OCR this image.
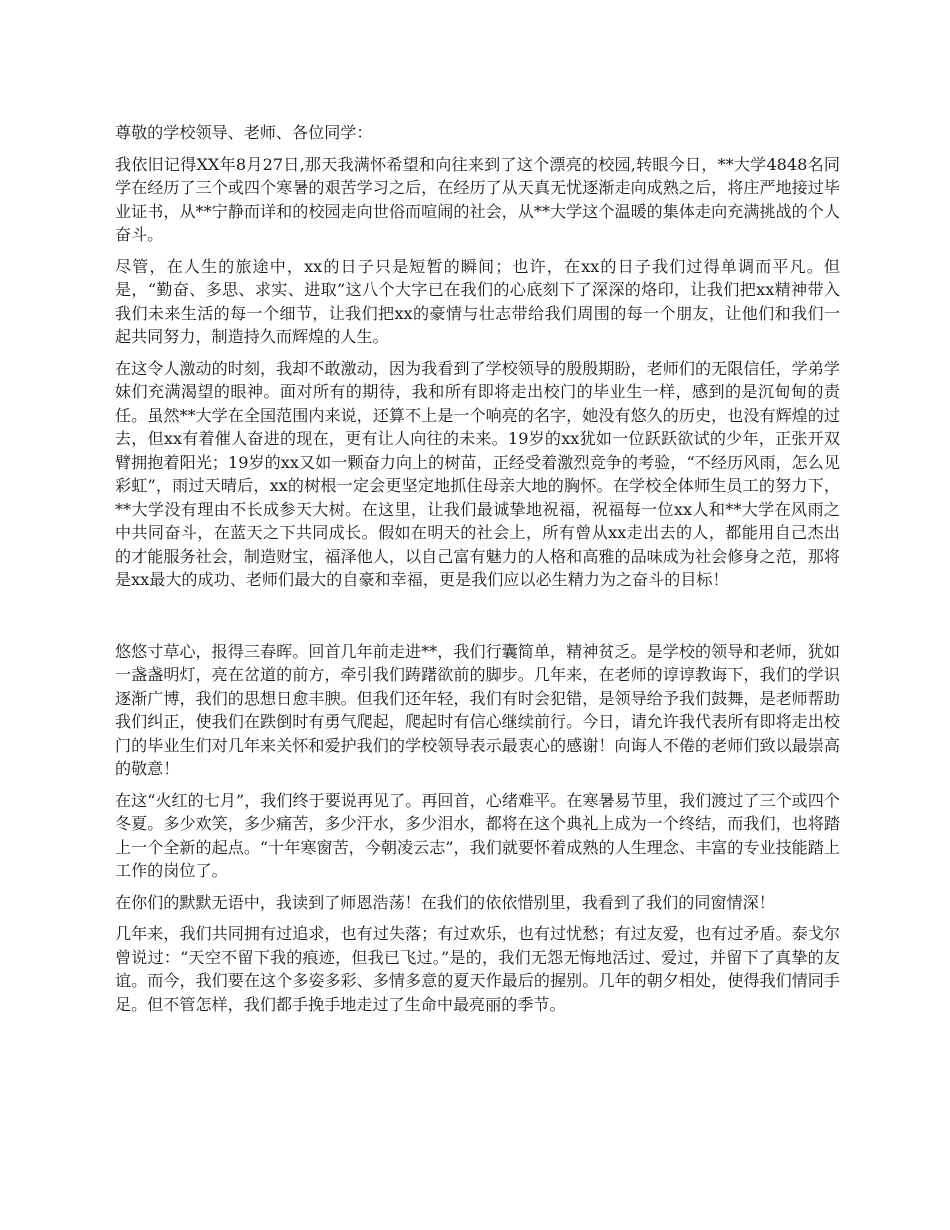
尊敬的学校领导、老师、各位同学：

我依旧记得XX年8月27日,那天我满怀希望和向往来到了这个漂亮的校园,转眼今日，**大学4848名同学在经历了三个或四个寒暑的艰苦学习之后，在经历了从天真无忧逐渐走向成熟之后，将庄严地接过毕业证书，从**宁静而详和的校园走向世俗而喧闹的社会，从**大学这个温暖的集体走向充满挑战的个人奋斗。

尽管，在人生的旅途中，xx的日子只是短暂的瞬间；也许，在xx的日子我们过得单调而平凡。但是，“勤奋、多思、求实、进取”这八个大字已在我们的心底刻下了深深的烙印，让我们把xx精神带入我们未来生活的每一个细节，让我们把xx的豪情与壮志带给我们周围的每一个朋友，让他们和我们一起共同努力，制造持久而辉煌的人生。

在这令人激动的时刻，我却不敢激动，因为我看到了学校领导的殷殷期盼，老师们的无限信任，学弟学妹们充满渴望的眼神。面对所有的期待，我和所有即将走出校门的毕业生一样，感到的是沉甸甸的责任。虽然**大学在全国范围内来说，还算不上是一个响亮的名字，她没有悠久的历史，也没有辉煌的过去，但xx有着催人奋进的现在，更有让人向往的未来。19岁的xx犹如一位跃跃欲试的少年，正张开双臂拥抱着阳光；19岁的xx又如一颗奋力向上的树苗，正经受着激烈竞争的考验，“不经历风雨，怎么见彩虹”，雨过天晴后，xx的树根一定会更坚定地抓住母亲大地的胸怀。在学校全体师生员工的努力下，**大学没有理由不长成参天大树。在这里，让我们最诚挚地祝福，祝福每一位xx人和**大学在风雨之中共同奋斗，在蓝天之下共同成长。假如在明天的社会上，所有曾从xx走出去的人，都能用自己杰出的才能服务社会，制造财宝，福泽他人，以自己富有魅力的人格和高雅的品味成为社会修身之范，那将是xx最大的成功、老师们最大的自豪和幸福，更是我们应以必生精力为之奋斗的目标！

悠悠寸草心，报得三春晖。回首几年前走进**，我们行囊简单，精神贫乏。是学校的领导和老师，犹如一盏盏明灯，亮在岔道的前方，牵引我们踌躇欲前的脚步。几年来，在老师的谆谆教诲下，我们的学识逐渐广博，我们的思想日愈丰腴。但我们还年轻，我们有时会犯错，是领导给予我们鼓舞，是老师帮助我们纠正，使我们在跌倒时有勇气爬起，爬起时有信心继续前行。今日，请允许我代表所有即将走出校门的毕业生们对几年来关怀和爱护我们的学校领导表示最衷心的感谢！向诲人不倦的老师们致以最崇高的敬意！

在这“火红的七月”，我们终于要说再见了。再回首，心绪难平。在寒暑易节里，我们渡过了三个或四个冬夏。多少欢笑，多少痛苦，多少汗水，多少泪水，都将在这个典礼上成为一个终结，而我们，也将踏上一个全新的起点。“十年寒窗苦，今朝凌云志”，我们就要怀着成熟的人生理念、丰富的专业技能踏上工作的岗位了。

在你们的默默无语中，我读到了师恩浩荡！在我们的依依惜别里，我看到了我们的同窗情深！

几年来，我们共同拥有过追求，也有过失落；有过欢乐，也有过忧愁；有过友爱，也有过矛盾。泰戈尔曾说过：“天空不留下我的痕迹，但我已飞过。”是的，我们无怨无悔地活过、爱过，并留下了真挚的友谊。而今，我们要在这个多姿多彩、多情多意的夏天作最后的握别。几年的朝夕相处，使得我们情同手足。但不管怎样，我们都手挽手地走过了生命中最亮丽的季节。
